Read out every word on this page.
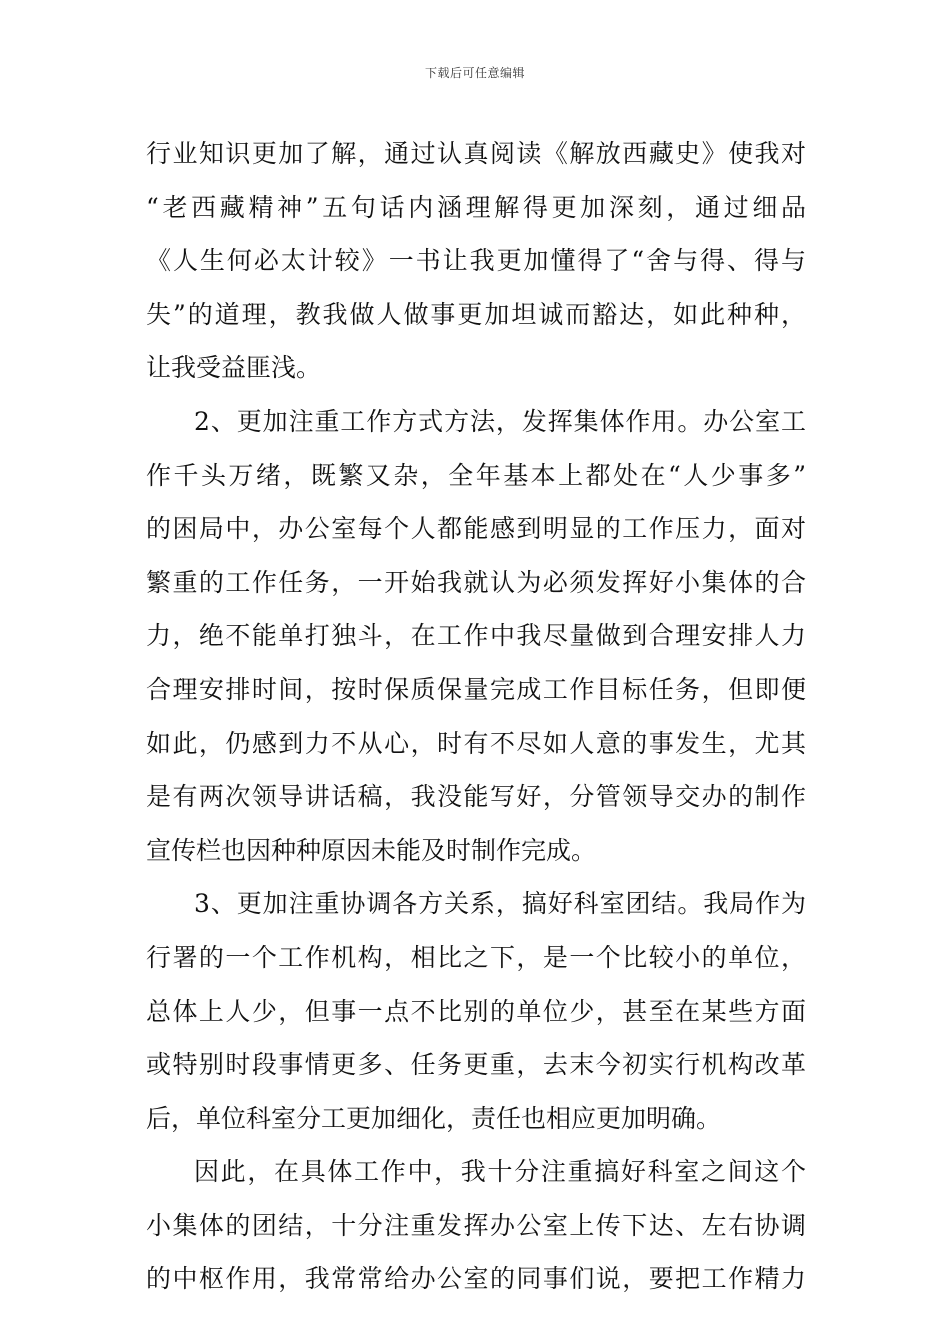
下载后可任意编辑
行业知识更加了解，通过认真阅读《解放西藏史》使我对
“老西藏精神”五句话内涵理解得更加深刻，通过细品
《人生何必太计较》一书让我更加懂得了“舍与得、得与
失”的道理，教我做人做事更加坦诚而豁达，如此种种，
让我受益匪浅。
2、更加注重工作方式方法，发挥集体作用。办公室工
作千头万绪，既繁又杂，全年基本上都处在“人少事多”
的困局中，办公室每个人都能感到明显的工作压力，面对
繁重的工作任务，一开始我就认为必须发挥好小集体的合
力，绝不能单打独斗，在工作中我尽量做到合理安排人力
合理安排时间，按时保质保量完成工作目标任务，但即便
如此，仍感到力不从心，时有不尽如人意的事发生，尤其
是有两次领导讲话稿，我没能写好，分管领导交办的制作
宣传栏也因种种原因未能及时制作完成。
3、更加注重协调各方关系，搞好科室团结。我局作为
行署的一个工作机构，相比之下，是一个比较小的单位，
总体上人少，但事一点不比别的单位少，甚至在某些方面
或特别时段事情更多、任务更重，去末今初实行机构改革
后，单位科室分工更加细化，责任也相应更加明确。
因此，在具体工作中，我十分注重搞好科室之间这个
小集体的团结，十分注重发挥办公室上传下达、左右协调
的中枢作用，我常常给办公室的同事们说，要把工作精力
